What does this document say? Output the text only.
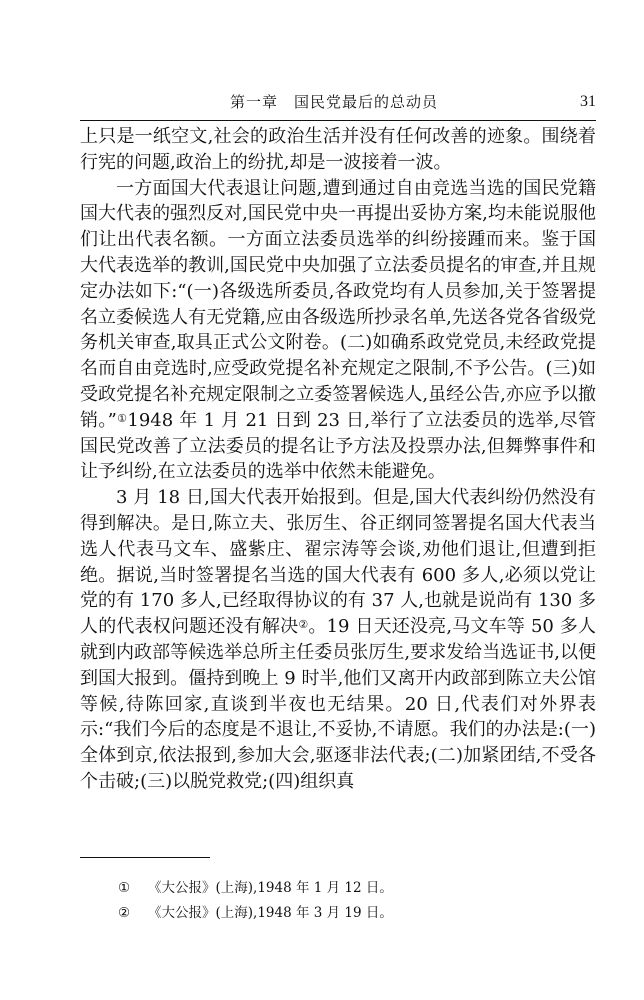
第一章　国民党最后的总动员	31

上只是一纸空文,社会的政治生活并没有任何改善的迹象。围绕着行宪的问题,政治上的纷扰,却是一波接着一波。

一方面国大代表退让问题,遭到通过自由竞选当选的国民党籍国大代表的强烈反对,国民党中央一再提出妥协方案,均未能说服他们让出代表名额。一方面立法委员选举的纠纷接踵而来。鉴于国大代表选举的教训,国民党中央加强了立法委员提名的审查,并且规定办法如下:“(一)各级选所委员,各政党均有人员参加,关于签署提名立委候选人有无党籍,应由各级选所抄录名单,先送各党各省级党务机关审查,取具正式公文附卷。(二)如确系政党党员,未经政党提名而自由竞选时,应受政党提名补充规定之限制,不予公告。(三)如受政党提名补充规定限制之立委签署候选人,虽经公告,亦应予以撤销。”①1948 年 1 月 21 日到 23 日,举行了立法委员的选举,尽管国民党改善了立法委员的提名让予方法及投票办法,但舞弊事件和让予纠纷,在立法委员的选举中依然未能避免。

3 月 18 日,国大代表开始报到。但是,国大代表纠纷仍然没有得到解决。是日,陈立夫、张厉生、谷正纲同签署提名国大代表当选人代表马文车、盛紫庄、翟宗涛等会谈,劝他们退让,但遭到拒绝。据说,当时签署提名当选的国大代表有 600 多人,必须以党让党的有 170 多人,已经取得协议的有 37 人,也就是说尚有 130 多人的代表权问题还没有解决②。19 日天还没亮,马文车等 50 多人就到内政部等候选举总所主任委员张厉生,要求发给当选证书,以便到国大报到。僵持到晚上 9 时半,他们又离开内政部到陈立夫公馆等候,待陈回家,直谈到半夜也无结果。20 日,代表们对外界表示:“我们今后的态度是不退让,不妥协,不请愿。我们的办法是:(一)全体到京,依法报到,参加大会,驱逐非法代表;(二)加紧团结,不受各个击破;(三)以脱党救党;(四)组织真

① 《大公报》(上海),1948 年 1 月 12 日。
② 《大公报》(上海),1948 年 3 月 19 日。
